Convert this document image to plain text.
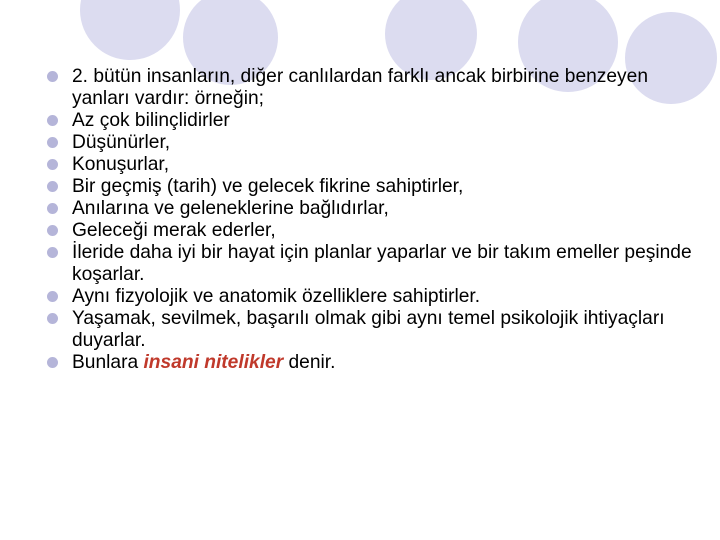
2. bütün insanların, diğer canlılardan farklı ancak birbirine benzeyen yanları vardır: örneğin;
Az çok bilinçlidirler
Düşünürler,
Konuşurlar,
Bir geçmiş (tarih) ve gelecek fikrine sahiptirler,
Anılarına ve geleneklerine bağlıdırlar,
Geleceği merak ederler,
İleride daha iyi bir hayat için planlar yaparlar ve bir takım emeller peşinde koşarlar.
Aynı fizyolojik ve anatomik özelliklere sahiptirler.
Yaşamak, sevilmek, başarılı olmak gibi aynı temel psikolojik ihtiyaçları duyarlar.
Bunlara insani nitelikler denir.
